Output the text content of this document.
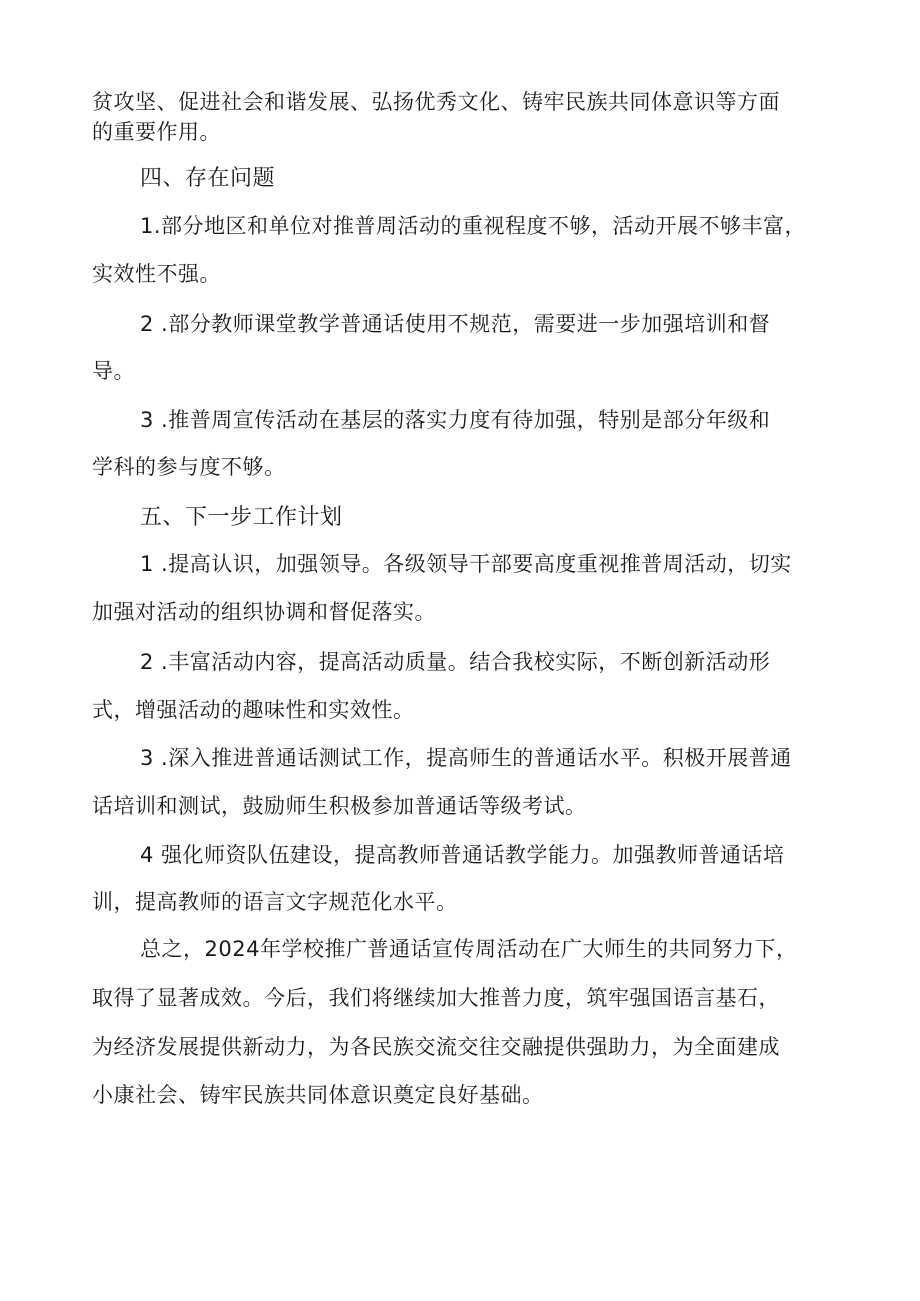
贫攻坚、促进社会和谐发展、弘扬优秀文化、铸牢民族共同体意识等方面
的重要作用。
四、存在问题
1.部分地区和单位对推普周活动的重视程度不够，活动开展不够丰富，
实效性不强。
2 .部分教师课堂教学普通话使用不规范，需要进一步加强培训和督
导。
3 .推普周宣传活动在基层的落实力度有待加强，特别是部分年级和
学科的参与度不够。
五、下一步工作计划
1 .提高认识，加强领导。各级领导干部要高度重视推普周活动，切实
加强对活动的组织协调和督促落实。
2 .丰富活动内容，提高活动质量。结合我校实际，不断创新活动形
式，增强活动的趣味性和实效性。
3 .深入推进普通话测试工作，提高师生的普通话水平。积极开展普通
话培训和测试，鼓励师生积极参加普通话等级考试。
4 强化师资队伍建设，提高教师普通话教学能力。加强教师普通话培
训，提高教师的语言文字规范化水平。
总之，2024年学校推广普通话宣传周活动在广大师生的共同努力下，
取得了显著成效。今后，我们将继续加大推普力度，筑牢强国语言基石，
为经济发展提供新动力，为各民族交流交往交融提供强助力，为全面建成
小康社会、铸牢民族共同体意识奠定良好基础。
